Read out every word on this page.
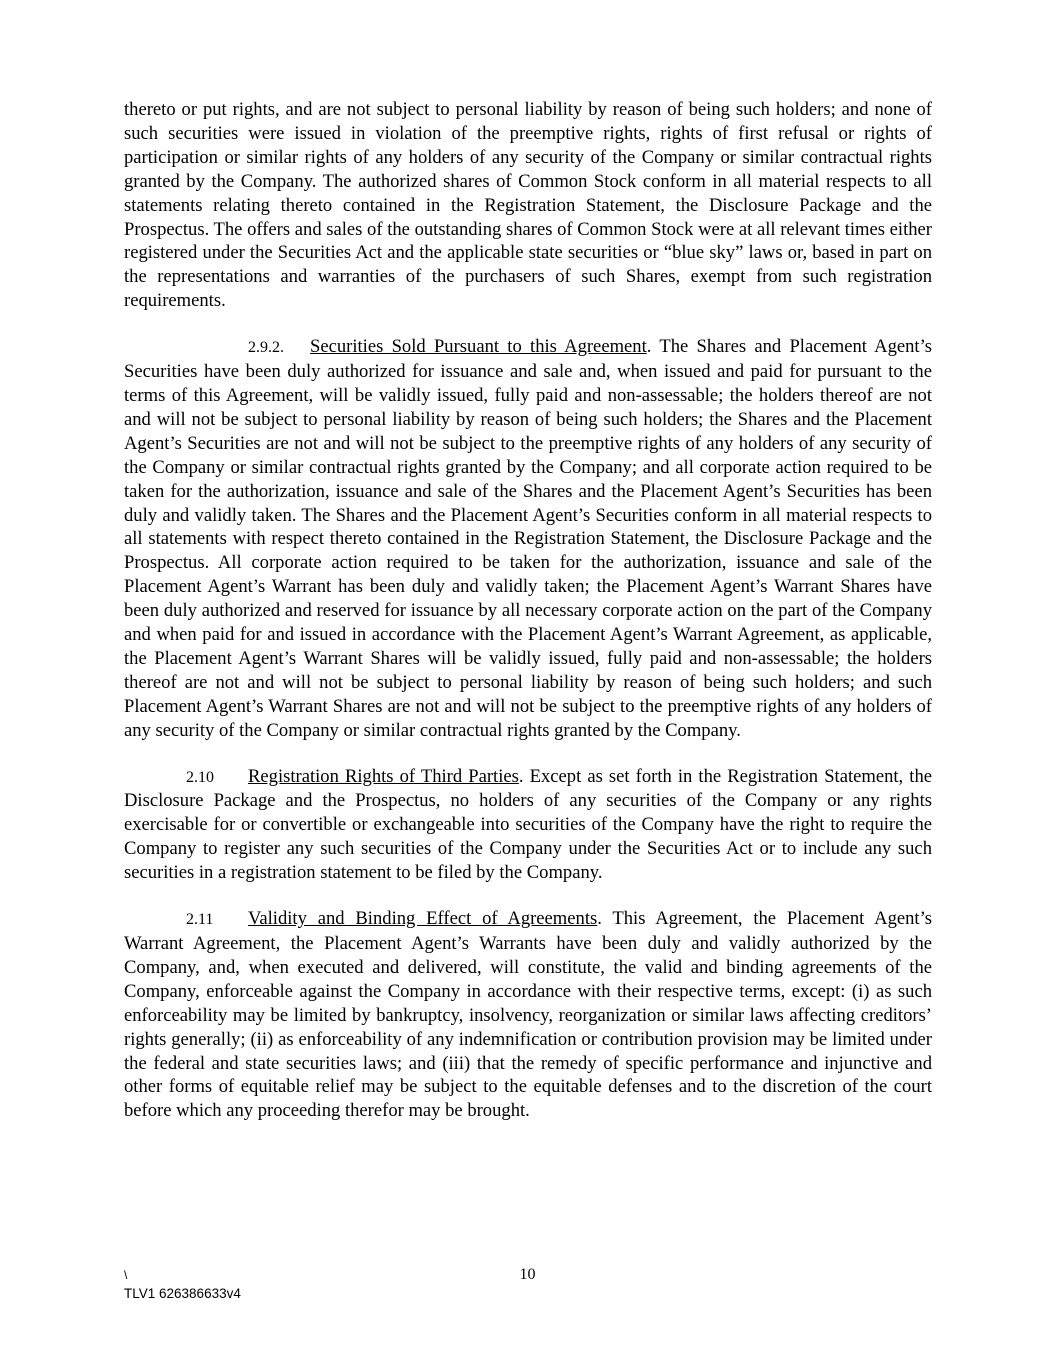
thereto or put rights, and are not subject to personal liability by reason of being such holders; and none of such securities were issued in violation of the preemptive rights, rights of first refusal or rights of participation or similar rights of any holders of any security of the Company or similar contractual rights granted by the Company. The authorized shares of Common Stock conform in all material respects to all statements relating thereto contained in the Registration Statement, the Disclosure Package and the Prospectus. The offers and sales of the outstanding shares of Common Stock were at all relevant times either registered under the Securities Act and the applicable state securities or “blue sky” laws or, based in part on the representations and warranties of the purchasers of such Shares, exempt from such registration requirements.

2.9.2. Securities Sold Pursuant to this Agreement. The Shares and Placement Agent’s Securities have been duly authorized for issuance and sale and, when issued and paid for pursuant to the terms of this Agreement, will be validly issued, fully paid and non-assessable; the holders thereof are not and will not be subject to personal liability by reason of being such holders; the Shares and the Placement Agent’s Securities are not and will not be subject to the preemptive rights of any holders of any security of the Company or similar contractual rights granted by the Company; and all corporate action required to be taken for the authorization, issuance and sale of the Shares and the Placement Agent’s Securities has been duly and validly taken. The Shares and the Placement Agent’s Securities conform in all material respects to all statements with respect thereto contained in the Registration Statement, the Disclosure Package and the Prospectus. All corporate action required to be taken for the authorization, issuance and sale of the Placement Agent’s Warrant has been duly and validly taken; the Placement Agent’s Warrant Shares have been duly authorized and reserved for issuance by all necessary corporate action on the part of the Company and when paid for and issued in accordance with the Placement Agent’s Warrant Agreement, as applicable, the Placement Agent’s Warrant Shares will be validly issued, fully paid and non-assessable; the holders thereof are not and will not be subject to personal liability by reason of being such holders; and such Placement Agent’s Warrant Shares are not and will not be subject to the preemptive rights of any holders of any security of the Company or similar contractual rights granted by the Company.

2.10 Registration Rights of Third Parties. Except as set forth in the Registration Statement, the Disclosure Package and the Prospectus, no holders of any securities of the Company or any rights exercisable for or convertible or exchangeable into securities of the Company have the right to require the Company to register any such securities of the Company under the Securities Act or to include any such securities in a registration statement to be filed by the Company.

2.11 Validity and Binding Effect of Agreements. This Agreement, the Placement Agent’s Warrant Agreement, the Placement Agent’s Warrants have been duly and validly authorized by the Company, and, when executed and delivered, will constitute, the valid and binding agreements of the Company, enforceable against the Company in accordance with their respective terms, except: (i) as such enforceability may be limited by bankruptcy, insolvency, reorganization or similar laws affecting creditors’ rights generally; (ii) as enforceability of any indemnification or contribution provision may be limited under the federal and state securities laws; and (iii) that the remedy of specific performance and injunctive and other forms of equitable relief may be subject to the equitable defenses and to the discretion of the court before which any proceeding therefor may be brought.

\	10
TLV1 626386633v4
